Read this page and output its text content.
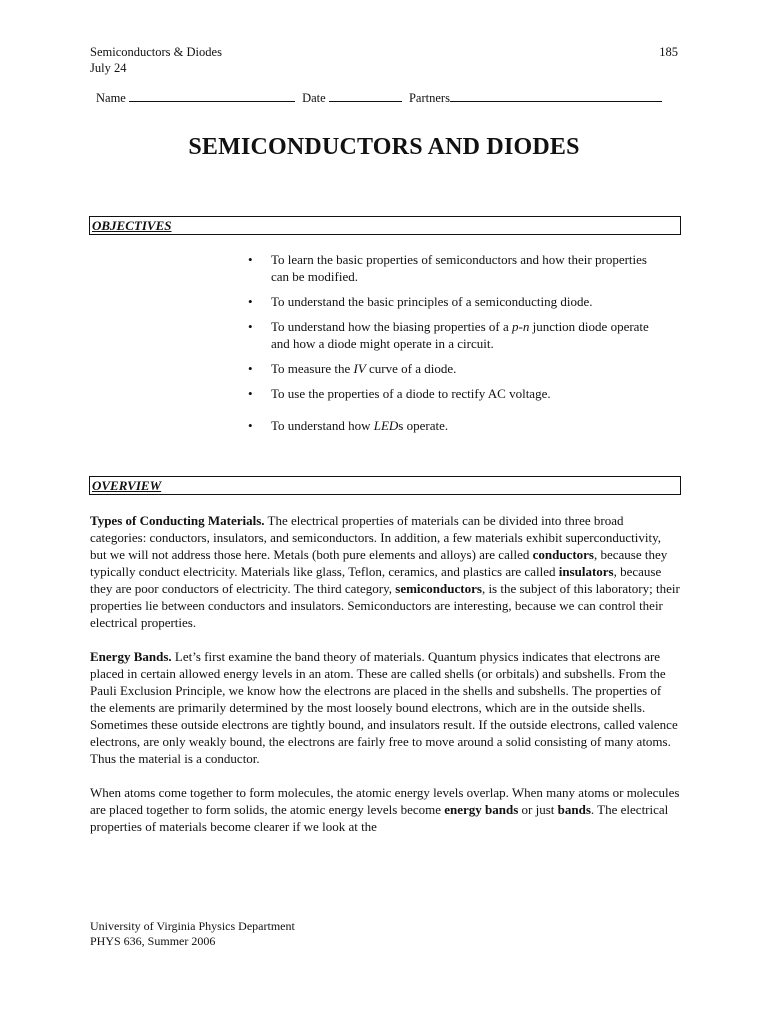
Semiconductors & Diodes
July 24
185
Name	Date	Partners
SEMICONDUCTORS AND DIODES
OBJECTIVES
• To learn the basic properties of semiconductors and how their properties can be modified.
• To understand the basic principles of a semiconducting diode.
• To understand how the biasing properties of a p-n junction diode operate and how a diode might operate in a circuit.
• To measure the IV curve of a diode.
• To use the properties of a diode to rectify AC voltage.
• To understand how LEDs operate.
OVERVIEW

Types of Conducting Materials. The electrical properties of materials can be divided into three broad categories: conductors, insulators, and semiconductors. In addition, a few materials exhibit superconductivity, but we will not address those here. Metals (both pure elements and alloys) are called conductors, because they typically conduct electricity. Materials like glass, Teflon, ceramics, and plastics are called insulators, because they are poor conductors of electricity. The third category, semiconductors, is the subject of this laboratory; their properties lie between conductors and insulators. Semiconductors are interesting, because we can control their electrical properties.

Energy Bands. Let’s first examine the band theory of materials. Quantum physics indicates that electrons are placed in certain allowed energy levels in an atom. These are called shells (or orbitals) and subshells. From the Pauli Exclusion Principle, we know how the electrons are placed in the shells and subshells. The properties of the elements are primarily determined by the most loosely bound electrons, which are in the outside shells. Sometimes these outside electrons are tightly bound, and insulators result. If the outside electrons, called valence electrons, are only weakly bound, the electrons are fairly free to move around a solid consisting of many atoms. Thus the material is a conductor.

When atoms come together to form molecules, the atomic energy levels overlap. When many atoms or molecules are placed together to form solids, the atomic energy levels become energy bands or just bands. The electrical properties of materials become clearer if we look at the

University of Virginia Physics Department
PHYS 636, Summer 2006
